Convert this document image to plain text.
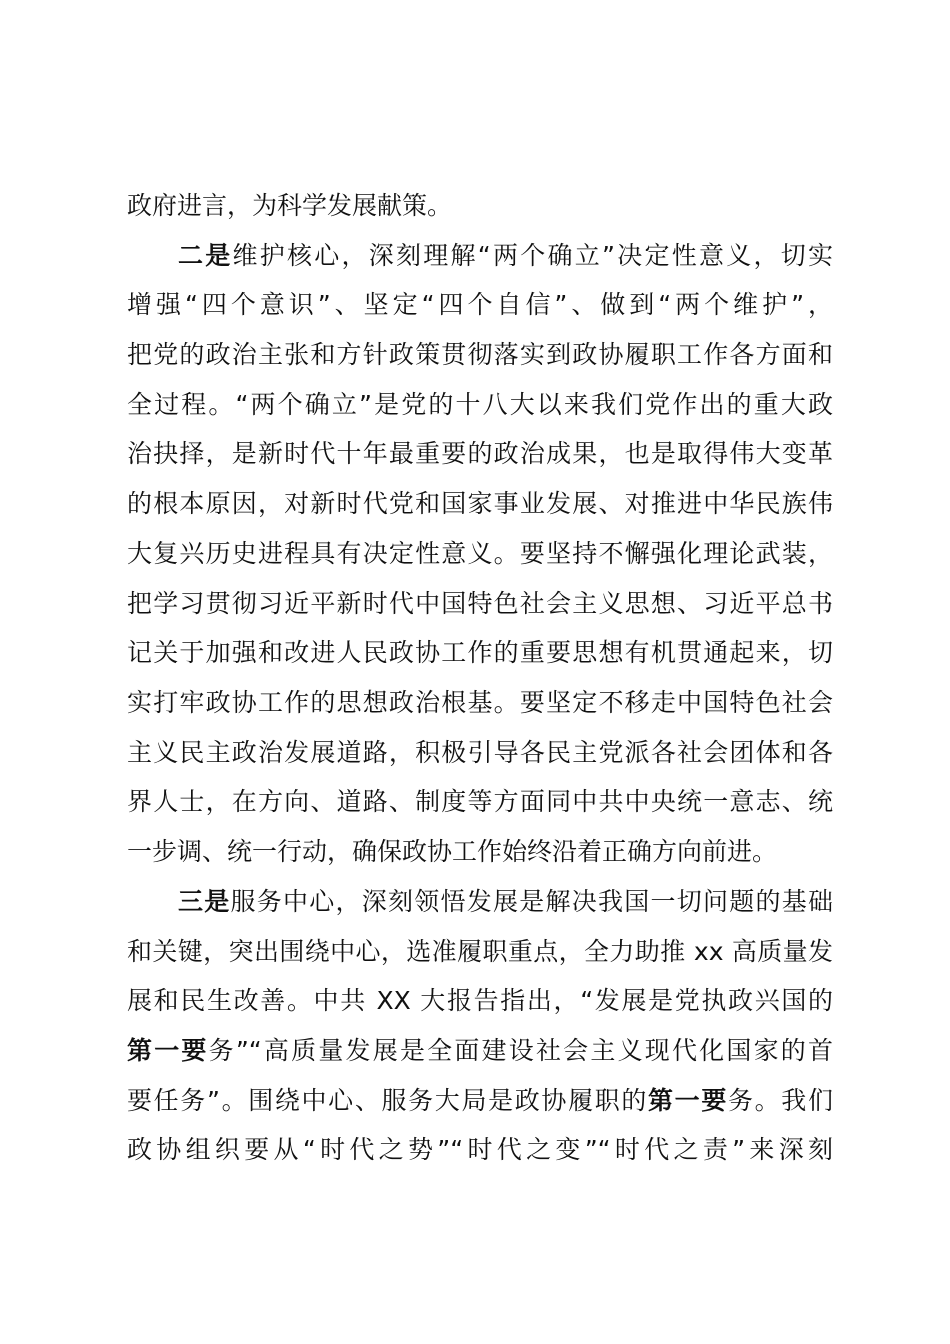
政府进言，为科学发展献策。
二是维护核心，深刻理解“两个确立”决定性意义，切实
增强“四个意识”、坚定“四个自信”、做到“两个维护”，
把党的政治主张和方针政策贯彻落实到政协履职工作各方面和
全过程。“两个确立”是党的十八大以来我们党作出的重大政
治抉择，是新时代十年最重要的政治成果，也是取得伟大变革
的根本原因，对新时代党和国家事业发展、对推进中华民族伟
大复兴历史进程具有决定性意义。要坚持不懈强化理论武装，
把学习贯彻习近平新时代中国特色社会主义思想、习近平总书
记关于加强和改进人民政协工作的重要思想有机贯通起来，切
实打牢政协工作的思想政治根基。要坚定不移走中国特色社会
主义民主政治发展道路，积极引导各民主党派各社会团体和各
界人士，在方向、道路、制度等方面同中共中央统一意志、统
一步调、统一行动，确保政协工作始终沿着正确方向前进。
三是服务中心，深刻领悟发展是解决我国一切问题的基础
和关键，突出围绕中心，选准履职重点，全力助推 xx 高质量发
展和民生改善。中共 XX 大报告指出，“发展是党执政兴国的
第一要务”“高质量发展是全面建设社会主义现代化国家的首
要任务”。围绕中心、服务大局是政协履职的第一要务。我们
政协组织要从“时代之势”“时代之变”“时代之责”来深刻
